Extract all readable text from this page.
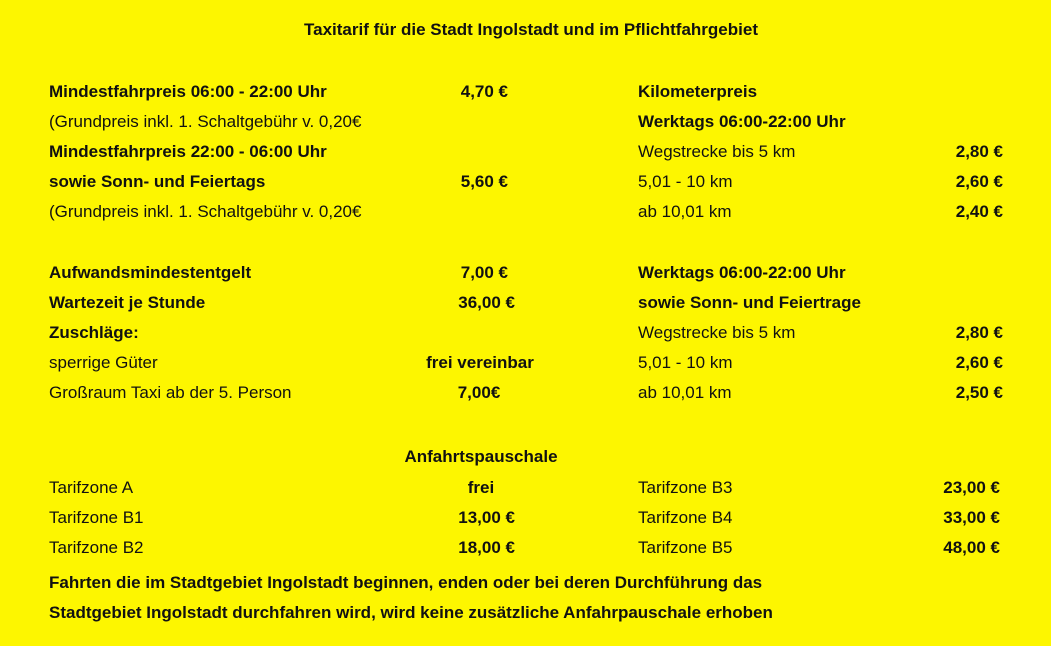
Taxitarif für die Stadt Ingolstadt und im Pflichtfahrgebiet
Mindestfahrpreis 06:00 - 22:00 Uhr	4,70 €
(Grundpreis inkl. 1. Schaltgebühr v. 0,20€
Mindestfahrpreis 22:00 - 06:00 Uhr
sowie Sonn- und Feiertags	5,60 €
(Grundpreis inkl. 1. Schaltgebühr v. 0,20€
Aufwandsmindestentgelt	7,00 €
Wartezeit je Stunde	36,00 €
Zuschläge:
sperrige Güter	frei vereinbar
Großraum Taxi ab der 5. Person	7,00€
Kilometerpreis
Werktags 06:00-22:00 Uhr
Wegstrecke bis 5 km	2,80 €
5,01 - 10 km	2,60 €
ab 10,01 km	2,40 €
Werktags 06:00-22:00 Uhr
sowie Sonn- und Feiertrage
Wegstrecke bis 5 km	2,80 €
5,01 - 10 km	2,60 €
ab 10,01 km	2,50 €
Anfahrtspauschale
Tarifzone A	frei
Tarifzone B1	13,00 €
Tarifzone B2	18,00 €
Tarifzone B3	23,00 €
Tarifzone B4	33,00 €
Tarifzone B5	48,00 €
Fahrten die im Stadtgebiet Ingolstadt beginnen, enden oder bei deren Durchführung das
Stadtgebiet Ingolstadt durchfahren wird, wird keine zusätzliche Anfahrpauschale erhoben
